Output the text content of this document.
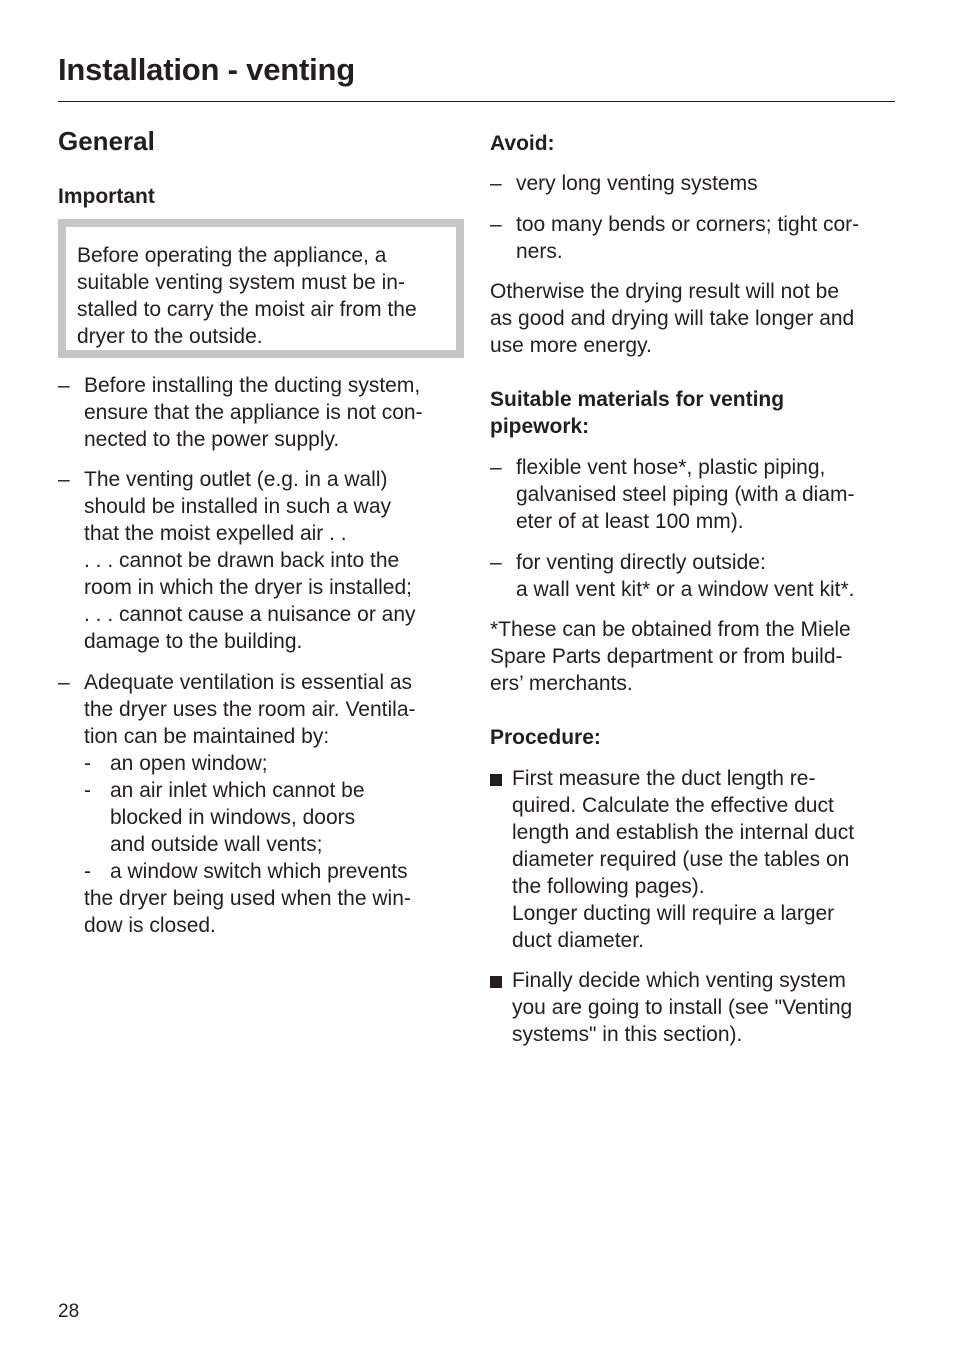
Installation - venting
General
Important
Before operating the appliance, a
suitable venting system must be in-
stalled to carry the moist air from the
dryer to the outside.
– Before installing the ducting system,
ensure that the appliance is not con-
nected to the power supply.
– The venting outlet (e.g. in a wall)
should be installed in such a way
that the moist expelled air . .
. . . cannot be drawn back into the
room in which the dryer is installed;
. . . cannot cause a nuisance or any
damage to the building.
– Adequate ventilation is essential as
the dryer uses the room air. Ventila-
tion can be maintained by:
- an open window;
- an air inlet which cannot be
blocked in windows, doors
and outside wall vents;
- a window switch which prevents
the dryer being used when the win-
dow is closed.
Avoid:
– very long venting systems
– too many bends or corners; tight cor-
ners.
Otherwise the drying result will not be
as good and drying will take longer and
use more energy.
Suitable materials for venting
pipework:
– flexible vent hose*, plastic piping,
galvanised steel piping (with a diam-
eter of at least 100 mm).
– for venting directly outside:
a wall vent kit* or a window vent kit*.
*These can be obtained from the Miele
Spare Parts department or from build-
ers’ merchants.
Procedure:
First measure the duct length re-
quired. Calculate the effective duct
length and establish the internal duct
diameter required (use the tables on
the following pages).
Longer ducting will require a larger
duct diameter.
Finally decide which venting system
you are going to install (see "Venting
systems" in this section).
28
